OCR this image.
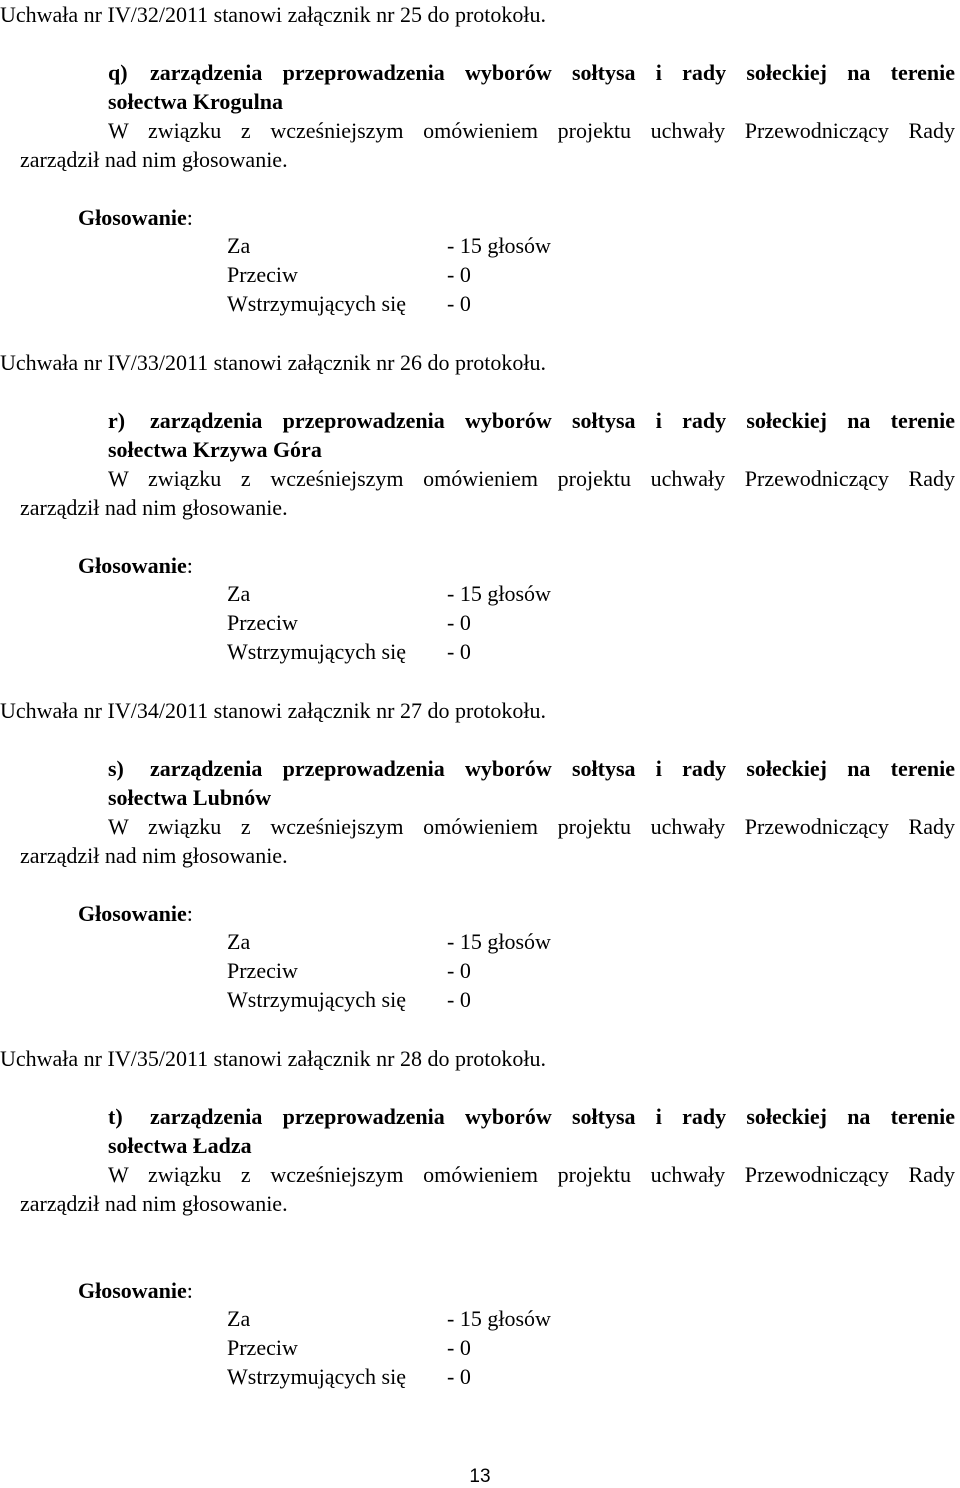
Uchwała nr IV/32/2011 stanowi załącznik nr 25 do protokołu.
q) zarządzenia przeprowadzenia wyborów sołtysa i rady sołeckiej na terenie
sołectwa Krogulna
W związku z wcześniejszym omówieniem projektu uchwały Przewodniczący Rady
zarządził nad nim głosowanie.
Głosowanie:
Za	- 15 głosów
Przeciw	- 0
Wstrzymujących się - 0
Uchwała nr IV/33/2011 stanowi załącznik nr 26 do protokołu.
r) zarządzenia przeprowadzenia wyborów sołtysa i rady sołeckiej na terenie
sołectwa Krzywa Góra
W związku z wcześniejszym omówieniem projektu uchwały Przewodniczący Rady
zarządził nad nim głosowanie.
Głosowanie:
Za	- 15 głosów
Przeciw	- 0
Wstrzymujących się - 0
Uchwała nr IV/34/2011 stanowi załącznik nr 27 do protokołu.
s) zarządzenia przeprowadzenia wyborów sołtysa i rady sołeckiej na terenie
sołectwa Lubnów
W związku z wcześniejszym omówieniem projektu uchwały Przewodniczący Rady
zarządził nad nim głosowanie.
Głosowanie:
Za	- 15 głosów
Przeciw	- 0
Wstrzymujących się - 0
Uchwała nr IV/35/2011 stanowi załącznik nr 28 do protokołu.
t) zarządzenia przeprowadzenia wyborów sołtysa i rady sołeckiej na terenie
sołectwa Ładza
W związku z wcześniejszym omówieniem projektu uchwały Przewodniczący Rady
zarządził nad nim głosowanie.
Głosowanie:
Za	- 15 głosów
Przeciw	- 0
Wstrzymujących się - 0
13
